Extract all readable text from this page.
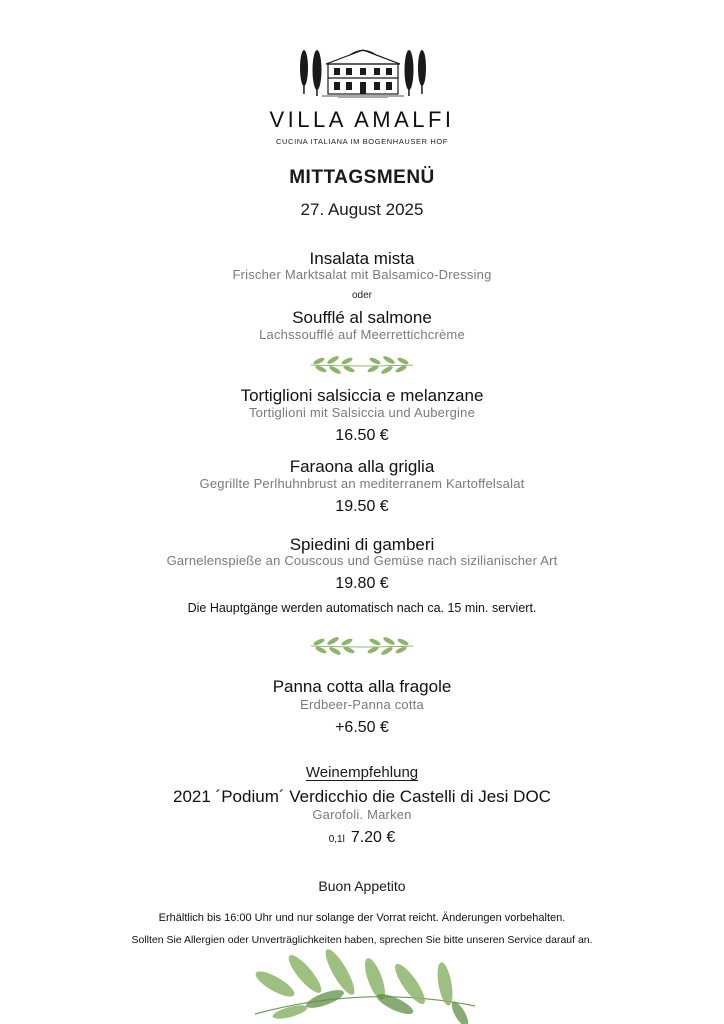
VILLA AMALFI
CUCINA ITALIANA IM BOGENHAUSER HOF
MITTAGSMENÜ
27. August 2025
Insalata mista
Frischer Marktsalat mit Balsamico-Dressing
oder
Soufflé al salmone
Lachssoufflé auf Meerrettichcrème
Tortiglioni salsiccia e melanzane
Tortiglioni mit Salsiccia und Aubergine
16.50 €
Faraona alla griglia
Gegrillte Perlhuhnbrust an mediterranem Kartoffelsalat
19.50 €
Spiedini di gamberi
Garnelenspieße an Couscous und Gemüse nach sizilianischer Art
19.80 €
Die Hauptgänge werden automatisch nach ca. 15 min. serviert.
Panna cotta alla fragole
Erdbeer-Panna cotta
+6.50 €
Weinempfehlung
2021 ´Podium´ Verdicchio die Castelli di Jesi DOC
Garofoli. Marken
0,1l 7.20 €
Buon Appetito
Erhältlich bis 16:00 Uhr und nur solange der Vorrat reicht. Änderungen vorbehalten.
Sollten Sie Allergien oder Unverträglichkeiten haben, sprechen Sie bitte unseren Service darauf an.
